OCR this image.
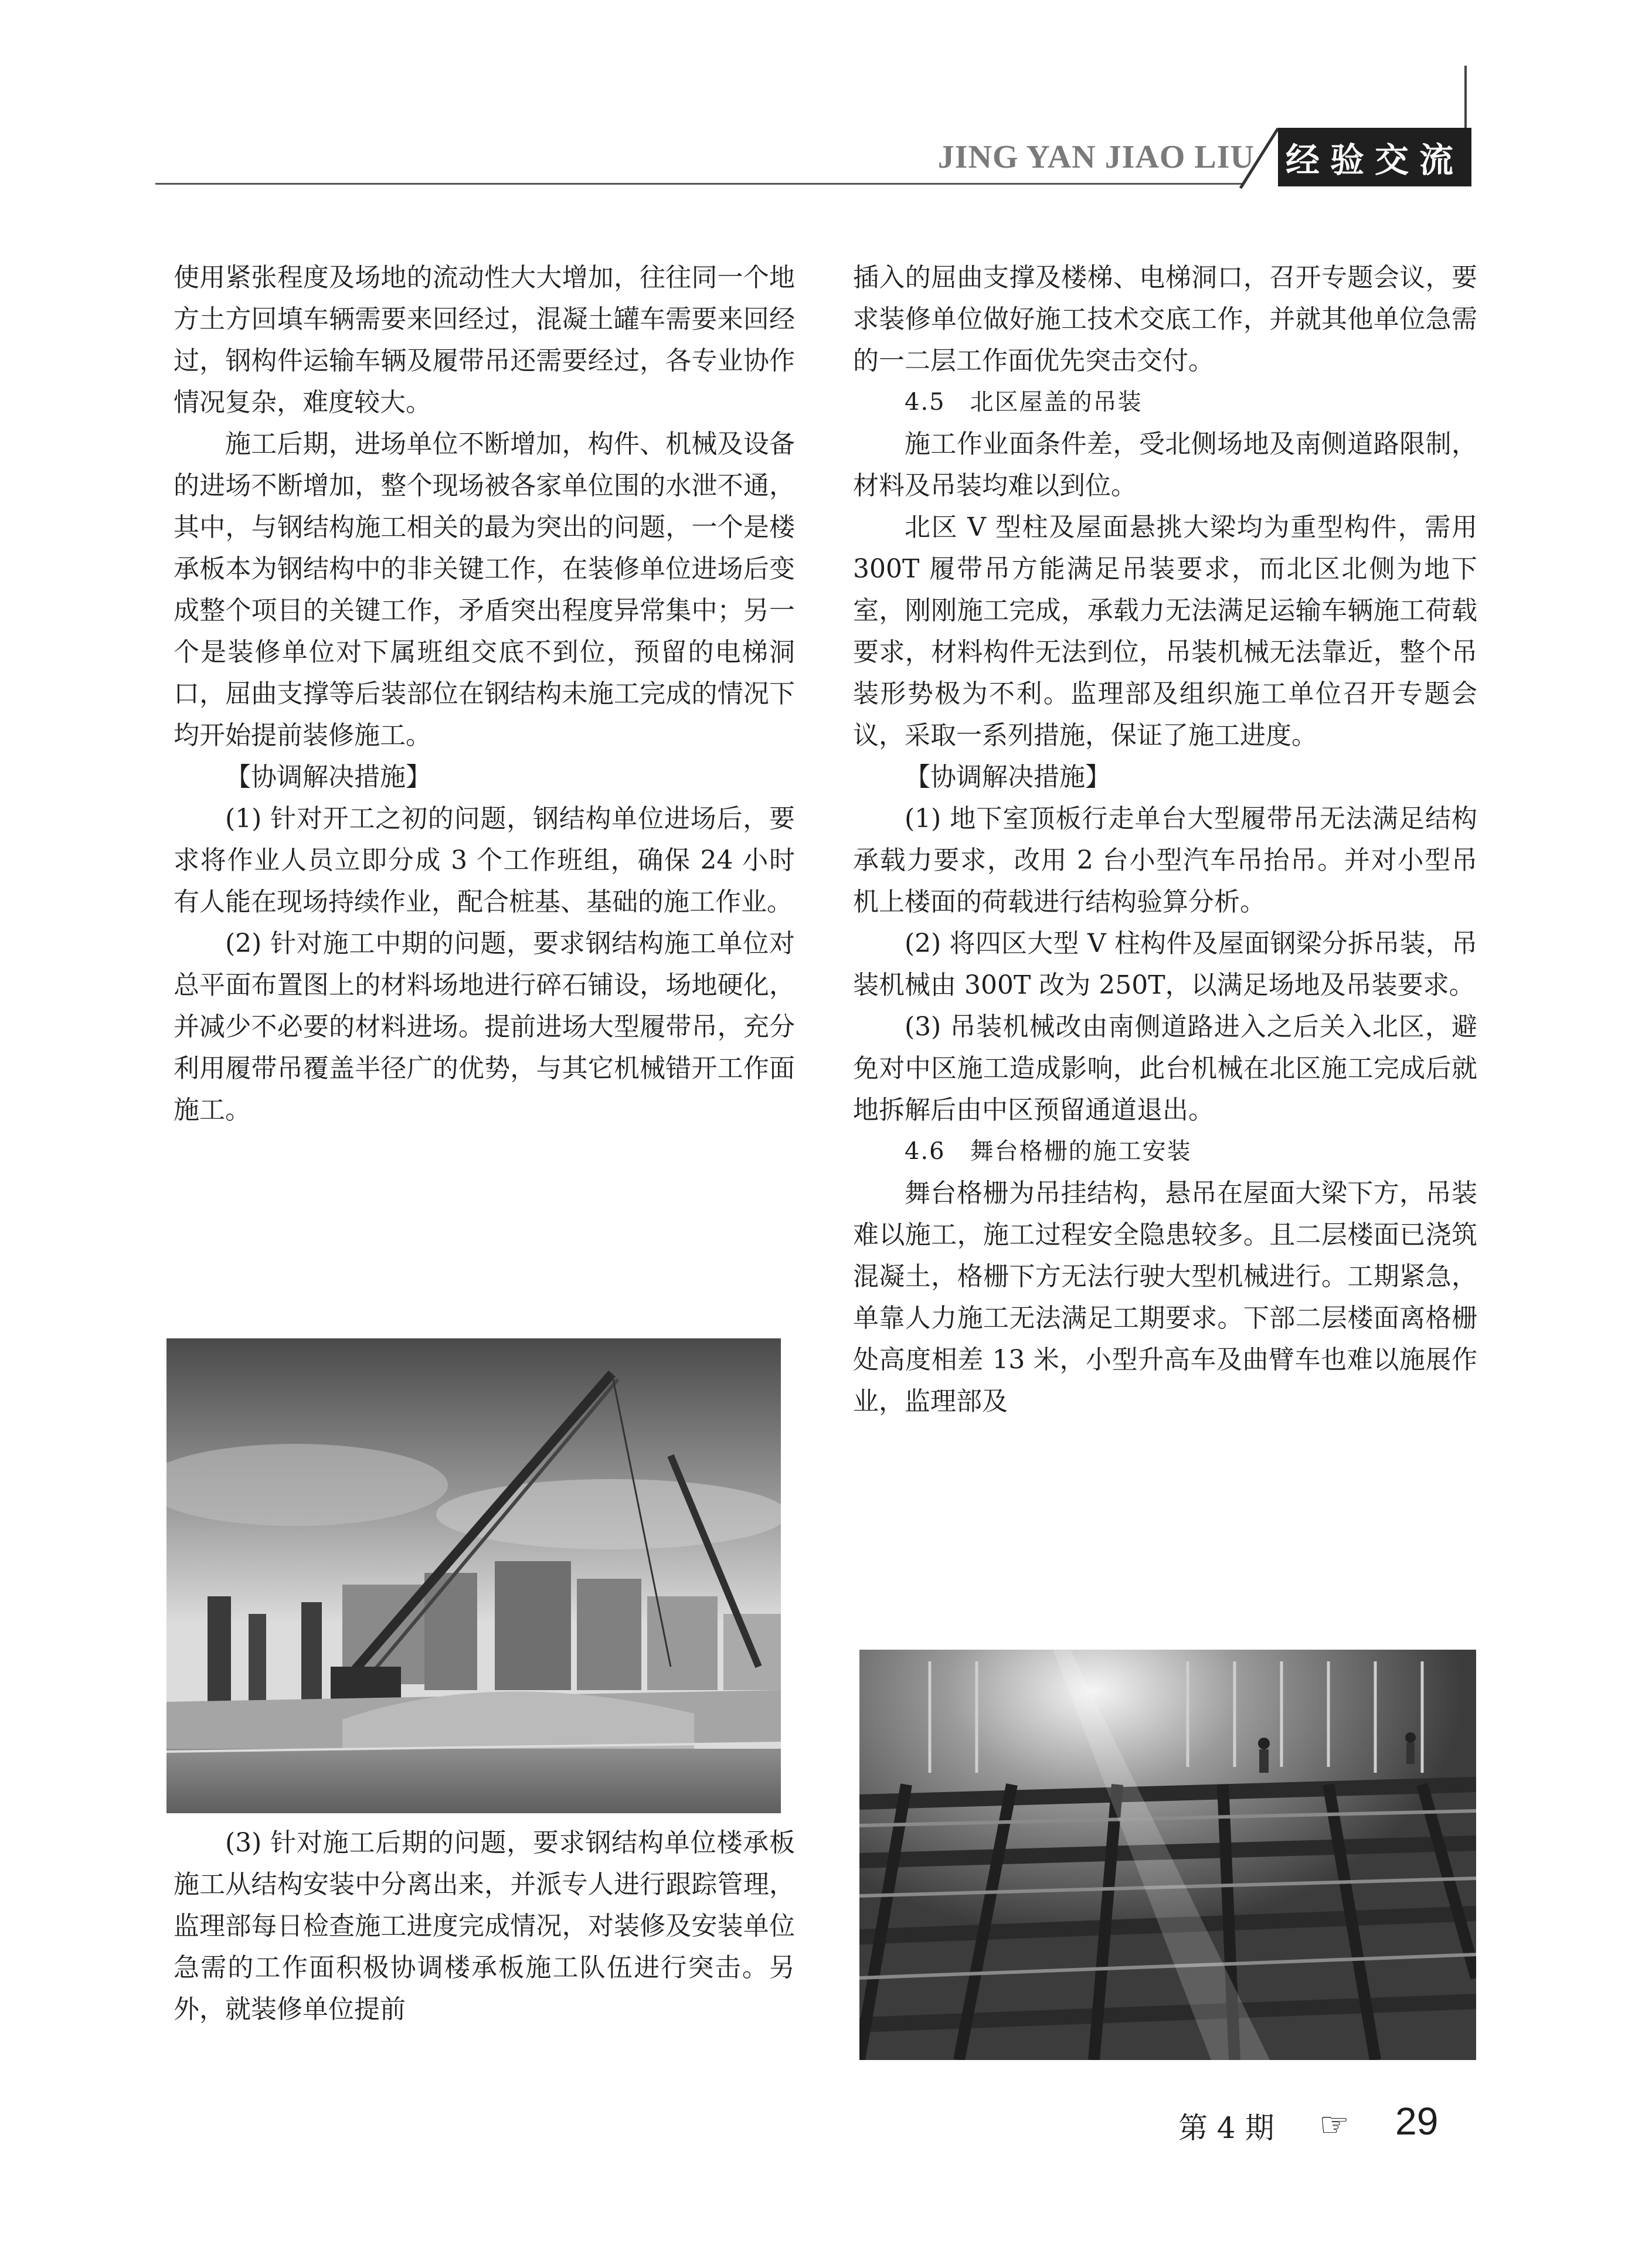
JING YAN JIAO LIU 经验交流

使用紧张程度及场地的流动性大大增加，往往同一个地方土方回填车辆需要来回经过，混凝土罐车需要来回经过，钢构件运输车辆及履带吊还需要经过，各专业协作情况复杂，难度较大。

施工后期，进场单位不断增加，构件、机械及设备的进场不断增加，整个现场被各家单位围的水泄不通，其中，与钢结构施工相关的最为突出的问题，一个是楼承板本为钢结构中的非关键工作，在装修单位进场后变成整个项目的关键工作，矛盾突出程度异常集中；另一个是装修单位对下属班组交底不到位，预留的电梯洞口，屈曲支撑等后装部位在钢结构未施工完成的情况下均开始提前装修施工。

【协调解决措施】

(1) 针对开工之初的问题，钢结构单位进场后，要求将作业人员立即分成 3 个工作班组，确保 24 小时有人能在现场持续作业，配合桩基、基础的施工作业。

(2) 针对施工中期的问题，要求钢结构施工单位对总平面布置图上的材料场地进行碎石铺设，场地硬化，并减少不必要的材料进场。提前进场大型履带吊，充分利用履带吊覆盖半径广的优势，与其它机械错开工作面施工。

(3) 针对施工后期的问题，要求钢结构单位楼承板施工从结构安装中分离出来，并派专人进行跟踪管理，监理部每日检查施工进度完成情况，对装修及安装单位急需的工作面积极协调楼承板施工队伍进行突击。另外，就装修单位提前

插入的屈曲支撑及楼梯、电梯洞口，召开专题会议，要求装修单位做好施工技术交底工作，并就其他单位急需的一二层工作面优先突击交付。

4.5　北区屋盖的吊装

施工作业面条件差，受北侧场地及南侧道路限制，材料及吊装均难以到位。

北区 V 型柱及屋面悬挑大梁均为重型构件，需用 300T 履带吊方能满足吊装要求，而北区北侧为地下室，刚刚施工完成，承载力无法满足运输车辆施工荷载要求，材料构件无法到位，吊装机械无法靠近，整个吊装形势极为不利。监理部及组织施工单位召开专题会议，采取一系列措施，保证了施工进度。

【协调解决措施】

(1) 地下室顶板行走单台大型履带吊无法满足结构承载力要求，改用 2 台小型汽车吊抬吊。并对小型吊机上楼面的荷载进行结构验算分析。

(2) 将四区大型 V 柱构件及屋面钢梁分拆吊装，吊装机械由 300T 改为 250T，以满足场地及吊装要求。

(3) 吊装机械改由南侧道路进入之后关入北区，避免对中区施工造成影响，此台机械在北区施工完成后就地拆解后由中区预留通道退出。

4.6　舞台格栅的施工安装

舞台格栅为吊挂结构，悬吊在屋面大梁下方，吊装难以施工，施工过程安全隐患较多。且二层楼面已浇筑混凝土，格栅下方无法行驶大型机械进行。工期紧急，单靠人力施工无法满足工期要求。下部二层楼面离格栅处高度相差 13 米，小型升高车及曲臂车也难以施展作业，监理部及

第 4 期 ☞ 29
